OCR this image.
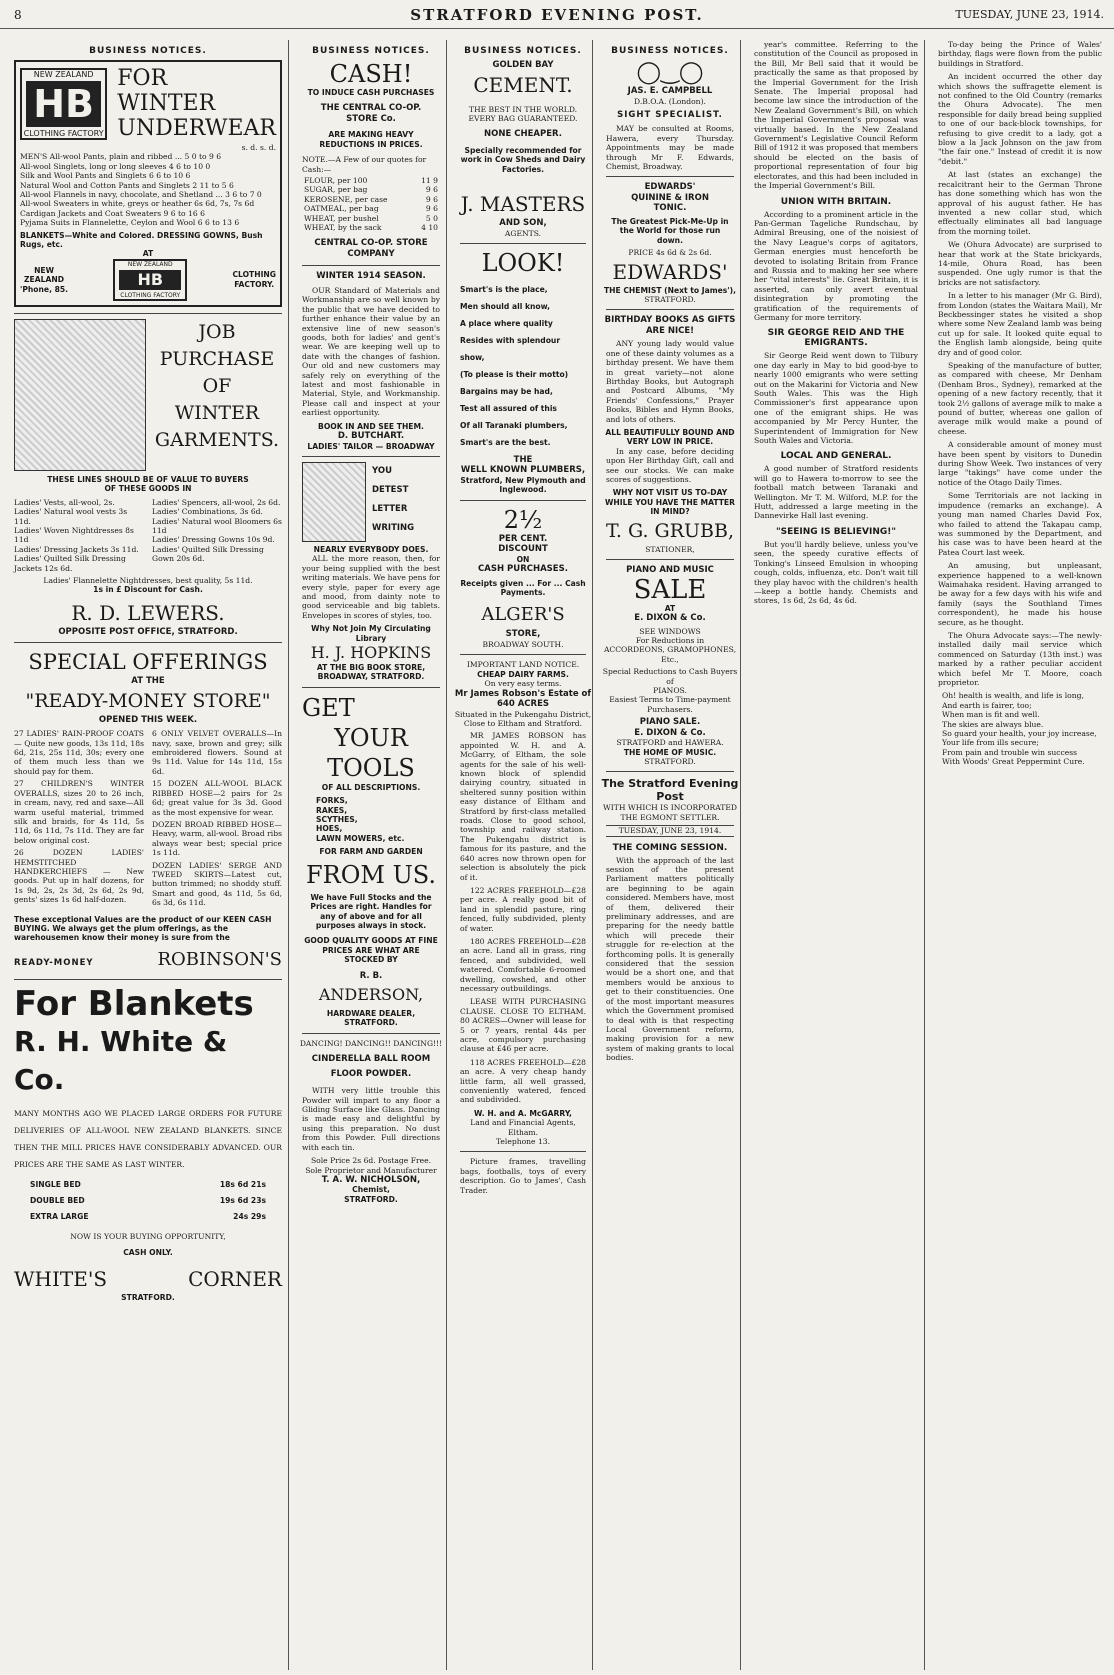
8	STRATFORD EVENING POST.	TUESDAY, JUNE 23, 1914.
BUSINESS NOTICES.
NEW ZEALAND
HB
CLOTHING FACTORY
FOR
WINTER
UNDERWEAR
s. d. s. d.
MEN'S All-wool Pants, plain and ribbed ... 5 0 to 9 6
All-wool Singlets, long or long sleeves 4 6 to 10 0
Silk and Wool Pants and Singlets 6 6 to 10 6
Natural Wool and Cotton Pants and Singlets 2 11 to 5 6
All-wool Flannels in navy, chocolate, and Shetland ... 3 6 to 7 0
All-wool Sweaters in white, greys or heather 6s 6d, 7s, 7s 6d
Cardigan Jackets and Coat Sweaters 9 6 to 16 6
Pyjama Suits in Flannelette, Ceylon and Wool 6 6 to 13 6
BLANKETS—White and Colored. DRESSING GOWNS, Bush Rugs, etc.
AT
NEW
ZEALAND
'Phone, 85.
NEW ZEALAND
HB
CLOTHING FACTORY
CLOTHING
FACTORY.
JOB
PURCHASE
OF
WINTER
GARMENTS.
THESE LINES SHOULD BE OF VALUE TO BUYERS OF THESE GOODS IN
Ladies' Vests, all-wool, 2s.
Ladies' Natural wool vests 3s 11d.
Ladies' Woven Nightdresses 8s 11d
Ladies' Dressing Jackets 3s 11d.
Ladies' Quilted Silk Dressing Jackets 12s 6d.
Ladies' Spencers, all-wool, 2s 6d.
Ladies' Combinations, 3s 6d.
Ladies' Natural wool Bloomers 6s 11d
Ladies' Dressing Gowns 10s 9d.
Ladies' Quilted Silk Dressing Gown 20s 6d.
Ladies' Flannelette Nightdresses, best quality, 5s 11d.
1s in £ Discount for Cash.
R. D. LEWERS.
OPPOSITE POST OFFICE, STRATFORD.
SPECIAL OFFERINGS
AT THE
"READY-MONEY STORE"
OPENED THIS WEEK.

27 LADIES' RAIN-PROOF COATS— Quite new goods, 13s 11d, 18s 6d, 21s, 25s 11d, 30s; every one of them much less than we should pay for them.

27 CHILDREN'S WINTER OVERALLS, sizes 20 to 26 inch, in cream, navy, red and saxe—All warm useful material, trimmed silk and braids, for 4s 11d, 5s 11d, 6s 11d, 7s 11d. They are far below original cost.

26 DOZEN LADIES' HEMSTITCHED HANDKERCHIEFS — New goods. Put up in half dozens, for 1s 9d, 2s, 2s 3d, 2s 6d, 2s 9d, gents' sizes 1s 6d half-dozen.

6 ONLY VELVET OVERALLS—In navy, saxe, brown and grey; silk embroidered flowers. Sound at 9s 11d. Value for 14s 11d, 15s 6d.

15 DOZEN ALL-WOOL BLACK RIBBED HOSE—2 pairs for 2s 6d; great value for 3s 3d. Good as the most expensive for wear.

DOZEN BROAD RIBBED HOSE—Heavy, warm, all-wool. Broad ribs always wear best; special price 1s 11d.

DOZEN LADIES' SERGE AND TWEED SKIRTS—Latest cut, button trimmed; no shoddy stuff. Smart and good, 4s 11d, 5s 6d, 6s 3d, 6s 11d.

These exceptional Values are the product of our KEEN CASH BUYING. We always get the plum offerings, as the warehousemen know their money is sure from the
READY-MONEY	ROBINSON'S
For Blankets
R. H. White & Co.
MANY MONTHS AGO WE PLACED LARGE ORDERS FOR FUTURE DELIVERIES OF ALL-WOOL NEW ZEALAND BLANKETS. SINCE THEN THE MILL PRICES HAVE CONSIDERABLY ADVANCED. OUR PRICES ARE THE SAME AS LAST WINTER.
SINGLE BED	18s 6d 21s
DOUBLE BED	19s 6d 23s
EXTRA LARGE	24s 29s
NOW IS YOUR BUYING OPPORTUNITY,
CASH ONLY.
WHITE'S	CORNER
STRATFORD.
BUSINESS NOTICES.
CASH!
TO INDUCE CASH PURCHASES
THE CENTRAL CO-OP.
STORE Co.
ARE MAKING HEAVY REDUCTIONS IN PRICES.
NOTE.—A Few of our quotes for Cash:—
FLOUR, per 100	11 9
SUGAR, per bag	9 6
KEROSENE, per case	9 6
OATMEAL, per bag	9 6
WHEAT, per bushel	5 0
WHEAT, by the sack	4 10
CENTRAL CO-OP. STORE COMPANY
WINTER 1914 SEASON.
OUR Standard of Materials and Workmanship are so well known by the public that we have decided to further enhance their value by an extensive line of new season's goods, both for ladies' and gent's wear. We are keeping well up to date with the changes of fashion. Our old and new customers may safely rely on everything of the latest and most fashionable in Material, Style, and Workmanship. Please call and inspect at your earliest opportunity.
BOOK IN AND SEE THEM.
D. BUTCHART.
LADIES' TAILOR — BROADWAY
YOU
DETEST
LETTER
WRITING
NEARLY EVERYBODY DOES.
ALL the more reason, then, for your being supplied with the best writing materials. We have pens for every style, paper for every age and mood, from dainty note to good serviceable and big tablets. Envelopes in scores of styles, too.
Why Not Join My Circulating Library
H. J. HOPKINS
AT THE BIG BOOK STORE, BROADWAY, STRATFORD.
GET
YOUR
TOOLS
OF ALL DESCRIPTIONS.
FORKS,
RAKES,
SCYTHES,
HOES,
LAWN MOWERS, etc.
FOR FARM AND GARDEN
FROM US.
We have Full Stocks and the Prices are right. Handles for any of above and for all purposes always in stock.
GOOD QUALITY GOODS AT FINE PRICES ARE WHAT ARE STOCKED BY
R. B.
ANDERSON,
HARDWARE DEALER,
STRATFORD.
DANCING! DANCING!! DANCING!!!
CINDERELLA BALL ROOM FLOOR POWDER.
WITH very little trouble this Powder will impart to any floor a Gliding Surface like Glass. Dancing is made easy and delightful by using this preparation. No dust from this Powder. Full directions with each tin.
Sole Price 2s 6d. Postage Free.
Sole Proprietor and Manufacturer
T. A. W. NICHOLSON,
Chemist,
STRATFORD.
BUSINESS NOTICES.
GOLDEN BAY
CEMENT.
THE BEST IN THE WORLD.
EVERY BAG GUARANTEED.
NONE CHEAPER.
Specially recommended for work in Cow Sheds and Dairy Factories.
J. MASTERS
AND SON,
AGENTS.
LOOK!
Smart's is the place,
Men should all know,
A place where quality
Resides with splendour show,
(To please is their motto)
Bargains may be had,
Test all assured of this
Of all Taranaki plumbers,
Smart's are the best.
THE
WELL KNOWN PLUMBERS,
Stratford, New Plymouth and Inglewood.
2½
PER CENT.
DISCOUNT
ON
CASH PURCHASES.
Receipts given ... For ... Cash Payments.
ALGER'S
STORE,
BROADWAY SOUTH.
IMPORTANT LAND NOTICE.
CHEAP DAIRY FARMS.
On very easy terms.
Mr James Robson's Estate of 640 ACRES
Situated in the Pukengahu District, Close to Eltham and Stratford.
MR JAMES ROBSON has appointed W. H. and A. McGarry, of Eltham, the sole agents for the sale of his well-known block of splendid dairying country, situated in sheltered sunny position within easy distance of Eltham and Stratford by first-class metalled roads. Close to good school, township and railway station. The Pukengahu district is famous for its pasture, and the 640 acres now thrown open for selection is absolutely the pick of it.
122 ACRES FREEHOLD—£28 per acre. A really good bit of land in splendid pasture, ring fenced, fully subdivided, plenty of water.
180 ACRES FREEHOLD—£28 an acre. Land all in grass, ring fenced, and subdivided, well watered. Comfortable 6-roomed dwelling, cowshed, and other necessary outbuildings.
LEASE WITH PURCHASING CLAUSE. CLOSE TO ELTHAM. 80 ACRES—Owner will lease for 5 or 7 years, rental 44s per acre, compulsory purchasing clause at £46 per acre.
118 ACRES FREEHOLD—£28 an acre. A very cheap handy little farm, all well grassed, conveniently watered, fenced and subdivided.
W. H. and A. McGARRY,
Land and Financial Agents, Eltham.
Telephone 13.
Picture frames, travelling bags, footballs, toys of every description. Go to James', Cash Trader.
BUSINESS NOTICES.
◯‿◯
JAS. E. CAMPBELL
D.B.O.A. (London).
SIGHT SPECIALIST.
MAY be consulted at Rooms, Hawera, every Thursday. Appointments may be made through Mr F. Edwards, Chemist, Broadway.
EDWARDS'
QUININE & IRON
TONIC.
The Greatest Pick-Me-Up in the World for those run down.
PRICE 4s 6d & 2s 6d.
EDWARDS'
THE CHEMIST (Next to James'),
STRATFORD.
BIRTHDAY BOOKS AS GIFTS ARE NICE!
ANY young lady would value one of these dainty volumes as a birthday present. We have them in great variety—not alone Birthday Books, but Autograph and Postcard Albums, "My Friends' Confessions," Prayer Books, Bibles and Hymn Books, and lots of others.
ALL BEAUTIFULLY BOUND AND VERY LOW IN PRICE.
In any case, before deciding upon Her Birthday Gift, call and see our stocks. We can make scores of suggestions.
WHY NOT VISIT US TO-DAY WHILE YOU HAVE THE MATTER IN MIND?
T. G. GRUBB,
STATIONER,
PIANO AND MUSIC
SALE
AT
E. DIXON & Co.
SEE WINDOWS
For Reductions in
ACCORDEONS, GRAMOPHONES, Etc.,
Special Reductions to Cash Buyers of
PIANOS.
Easiest Terms to Time-payment Purchasers.
PIANO SALE.
E. DIXON & Co.
STRATFORD and HAWERA.
THE HOME OF MUSIC.
STRATFORD.
The Stratford Evening Post
WITH WHICH IS INCORPORATED
THE EGMONT SETTLER.
TUESDAY, JUNE 23, 1914.
THE COMING SESSION.
With the approach of the last session of the present Parliament matters politically are beginning to be again considered. Members have, most of them, delivered their preliminary addresses, and are preparing for the needy battle which will precede their struggle for re-election at the forthcoming polls. It is generally considered that the session would be a short one, and that members would be anxious to get to their constituencies. One of the most important measures which the Government promised to deal with is that respecting Local Government reform, making provision for a new system of making grants to local bodies.
year's committee. Referring to the constitution of the Council as proposed in the Bill, Mr Bell said that it would be practically the same as that proposed by the Imperial Government for the Irish Senate. The Imperial proposal had become law since the introduction of the New Zealand Government's Bill, on which the Imperial Government's proposal was virtually based. In the New Zealand Government's Legislative Council Reform Bill of 1912 it was proposed that members should be elected on the basis of proportional representation of four big electorates, and this had been included in the Imperial Government's Bill.
UNION WITH BRITAIN.
According to a prominent article in the Pan-German Tageliche Rundschau, by Admiral Breusing, one of the noisiest of the Navy League's corps of agitators, German energies must henceforth be devoted to isolating Britain from France and Russia and to making her see where her "vital interests" lie. Great Britain, it is asserted, can only avert eventual disintegration by promoting the gratification of the requirements of Germany for more territory.
SIR GEORGE REID AND THE EMIGRANTS.
Sir George Reid went down to Tilbury one day early in May to bid good-bye to nearly 1000 emigrants who were setting out on the Makarini for Victoria and New South Wales. This was the High Commissioner's first appearance upon one of the emigrant ships. He was accompanied by Mr Percy Hunter, the Superintendent of Immigration for New South Wales and Victoria.
LOCAL AND GENERAL.
A good number of Stratford residents will go to Hawera to-morrow to see the football match between Taranaki and Wellington. Mr T. M. Wilford, M.P. for the Hutt, addressed a large meeting in the Dannevirke Hall last evening.
"SEEING IS BELIEVING!"
But you'll hardly believe, unless you've seen, the speedy curative effects of Tonking's Linseed Emulsion in whooping cough, colds, influenza, etc. Don't wait till they play havoc with the children's health—keep a bottle handy. Chemists and stores, 1s 6d, 2s 6d, 4s 6d.
To-day being the Prince of Wales' birthday, flags were flown from the public buildings in Stratford.
An incident occurred the other day which shows the suffragette element is not confined to the Old Country (remarks the Ohura Advocate). The men responsible for daily bread being supplied to one of our back-block townships, for refusing to give credit to a lady, got a blow a la Jack Johnson on the jaw from "the fair one." Instead of credit it is now "debit."
At last (states an exchange) the recalcitrant heir to the German Throne has done something which has won the approval of his august father. He has invented a new collar stud, which effectually eliminates all bad language from the morning toilet.
We (Ohura Advocate) are surprised to hear that work at the State brickyards, 14-mile, Ohura Road, has been suspended. One ugly rumor is that the bricks are not satisfactory.
In a letter to his manager (Mr G. Bird), from London (states the Waitara Mail), Mr Beckbessinger states he visited a shop where some New Zealand lamb was being cut up for sale. It looked quite equal to the English lamb alongside, being quite dry and of good color.
Speaking of the manufacture of butter, as compared with cheese, Mr Denham (Denham Bros., Sydney), remarked at the opening of a new factory recently, that it took 2½ gallons of average milk to make a pound of butter, whereas one gallon of average milk would make a pound of cheese.
A considerable amount of money must have been spent by visitors to Dunedin during Show Week. Two instances of very large "takings" have come under the notice of the Otago Daily Times.
Some Territorials are not lacking in impudence (remarks an exchange). A young man named Charles David Fox, who failed to attend the Takapau camp, was summoned by the Department, and his case was to have been heard at the Patea Court last week.
An amusing, but unpleasant, experience happened to a well-known Waimahaka resident. Having arranged to be away for a few days with his wife and family (says the Southland Times correspondent), he made his house secure, as he thought.
The Ohura Advocate says:—The newly-installed daily mail service which commenced on Saturday (13th inst.) was marked by a rather peculiar accident which befel Mr T. Moore, coach proprietor.
Oh! health is wealth, and life is long,
And earth is fairer, too;
When man is fit and well.
The skies are always blue.
So guard your health, your joy increase,
Your life from ills secure;
From pain and trouble win success
With Woods' Great Peppermint Cure.
